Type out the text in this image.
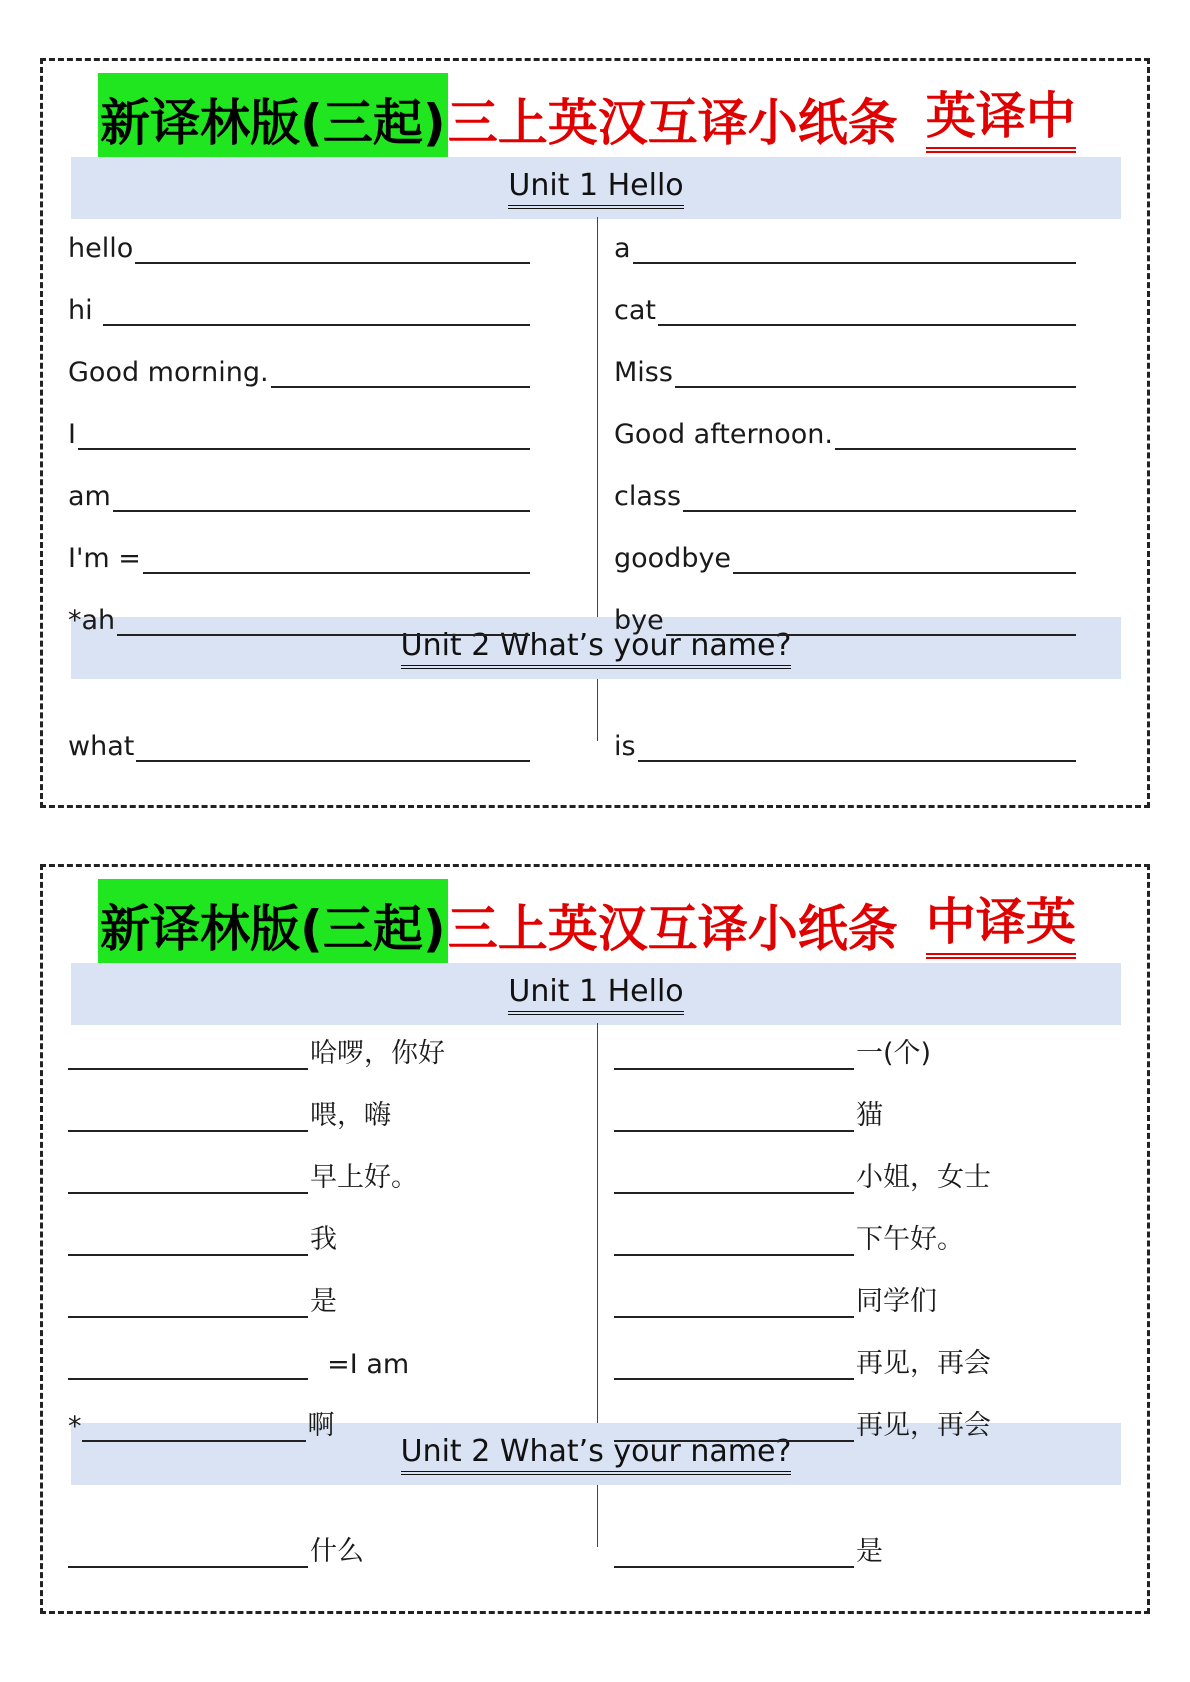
新译林版(三起) 三上英汉互译小纸条 英译中
Unit 1 Hello
Unit 2 What’s your name?
hello
hi
Good morning.
I
am
I'm =
*ah
what
a
cat
Miss
Good afternoon.
class
goodbye
bye
is
新译林版(三起) 三上英汉互译小纸条 中译英
Unit 1 Hello
Unit 2 What’s your name?
哈啰，你好
喂，嗨
早上好。
我
是
=I am
*	啊
什么
一(个)
猫
小姐，女士
下午好。
同学们
再见，再会
再见，再会
是
